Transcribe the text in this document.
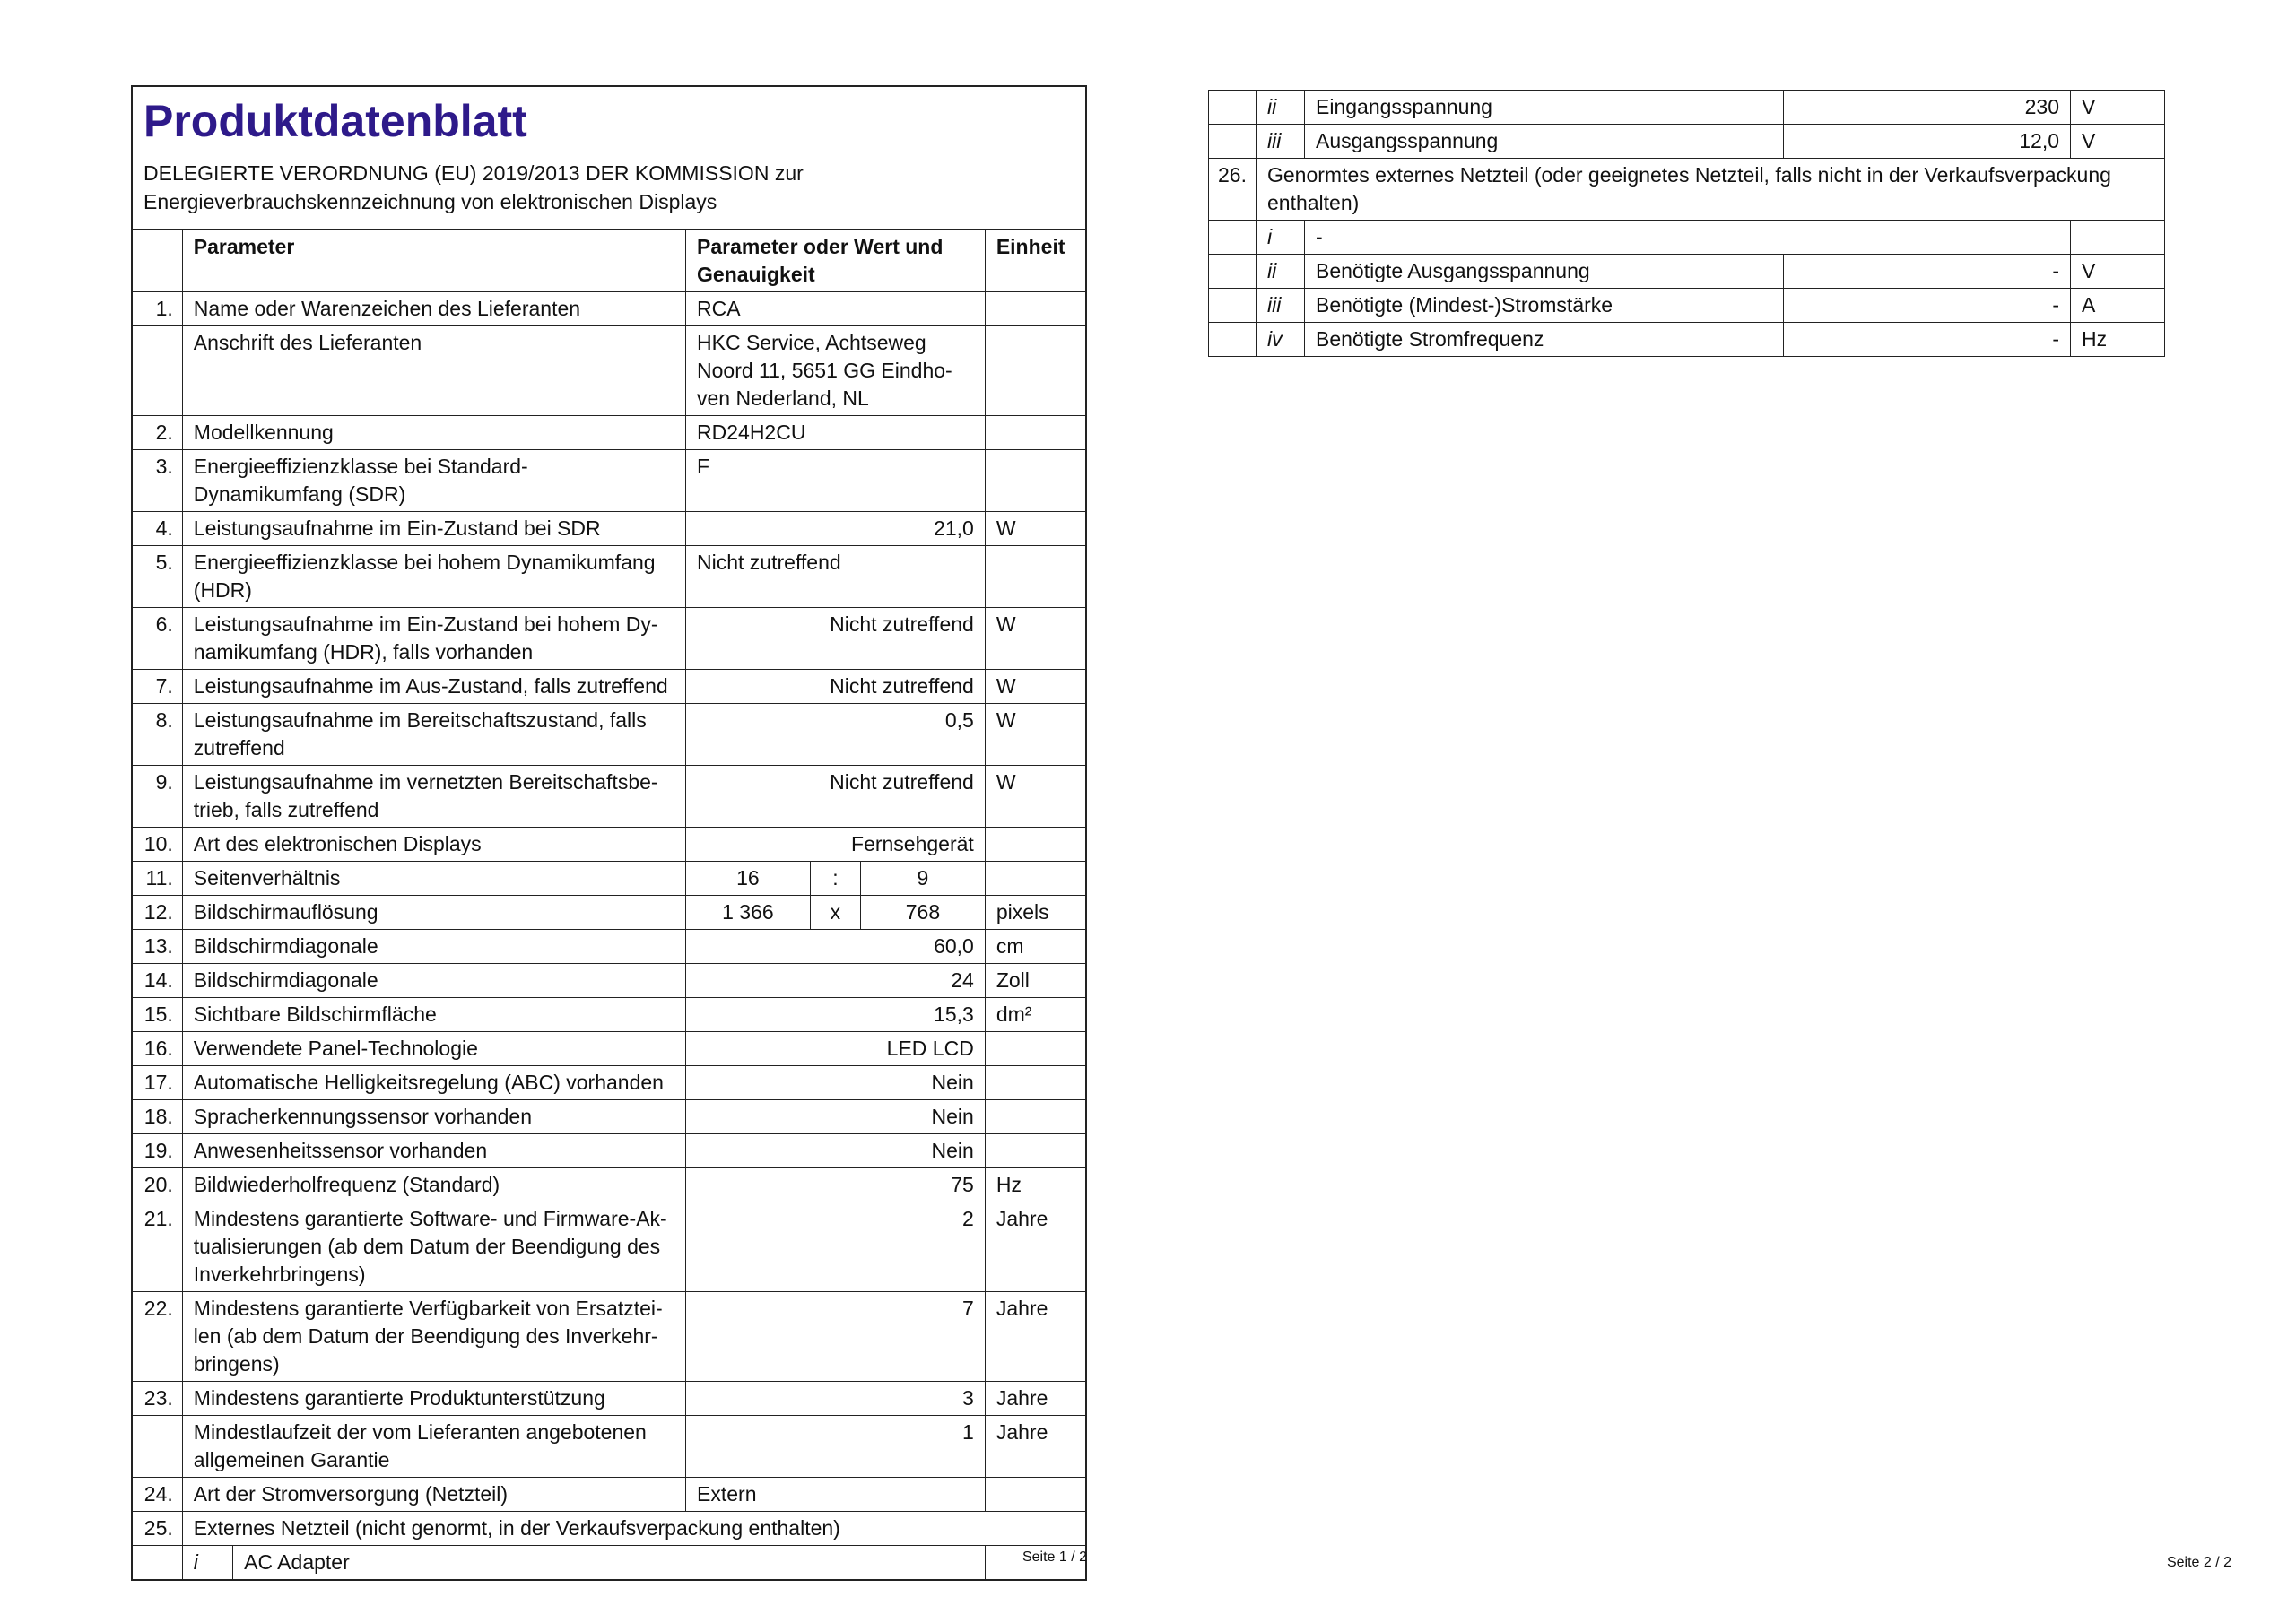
Produktdatenblatt
DELEGIERTE VERORDNUNG (EU) 2019/2013 DER KOMMISSION zur
Energieverbrauchskennzeichnung von elektronischen Displays
	Parameter		Parameter oder Wert und Genauigkeit			Einheit
1.	Name oder Warenzeichen des Lieferanten		RCA			
	Anschrift des Lieferanten		HKC Service, Achtseweg Noord 11, 5651 GG Eindho-ven Nederland, NL			
2.	Modellkennung		RD24H2CU			
3.	Energieeffizienzklasse bei Standard-Dynamikumfang (SDR)		F			
4.	Leistungsaufnahme im Ein-Zustand bei SDR		21,0			W
5.	Energieeffizienzklasse bei hohem Dynamikumfang (HDR)		Nicht zutreffend			
6.	Leistungsaufnahme im Ein-Zustand bei hohem Dy-namikumfang (HDR), falls vorhanden		Nicht zutreffend			W
7.	Leistungsaufnahme im Aus-Zustand, falls zutreffend		Nicht zutreffend			W
8.	Leistungsaufnahme im Bereitschaftszustand, falls zutreffend		0,5			W
9.	Leistungsaufnahme im vernetzten Bereitschaftsbe-trieb, falls zutreffend		Nicht zutreffend			W
10.	Art des elektronischen Displays		Fernsehgerät			
11.	Seitenverhältnis		16	:	9	
12.	Bildschirmauflösung		1 366	x	768	pixels
13.	Bildschirmdiagonale		60,0			cm
14.	Bildschirmdiagonale		24			Zoll
15.	Sichtbare Bildschirmfläche		15,3			dm²
16.	Verwendete Panel-Technologie		LED LCD			
17.	Automatische Helligkeitsregelung (ABC) vorhanden		Nein			
18.	Spracherkennungssensor vorhanden		Nein			
19.	Anwesenheitssensor vorhanden		Nein			
20.	Bildwiederholfrequenz (Standard)		75			Hz
21.	Mindestens garantierte Software- und Firmware-Ak-tualisierungen (ab dem Datum der Beendigung des Inverkehrbringens)		2			Jahre
22.	Mindestens garantierte Verfügbarkeit von Ersatztei-len (ab dem Datum der Beendigung des Inverkehr-bringens)		7			Jahre
23.	Mindestens garantierte Produktunterstützung		3			Jahre
	Mindestlaufzeit der vom Lieferanten angebotenen allgemeinen Garantie		1			Jahre
24.	Art der Stromversorgung (Netzteil)		Extern			
25.	Externes Netzteil (nicht genormt, in der Verkaufsverpackung enthalten)					
	i	AC Adapter					Seite 1 / 2
	ii	Eingangsspannung	230	V
	iii	Ausgangsspannung	12,0	V
26.	Genormtes externes Netzteil (oder geeignetes Netzteil, falls nicht in der Verkaufsverpackung enthalten)			
	i	-		
	ii	Benötigte Ausgangsspannung	-	V
	iii	Benötigte (Mindest-)Stromstärke	-	A
	iv	Benötigte Stromfrequenz	-	Hz
Seite 2 / 2
